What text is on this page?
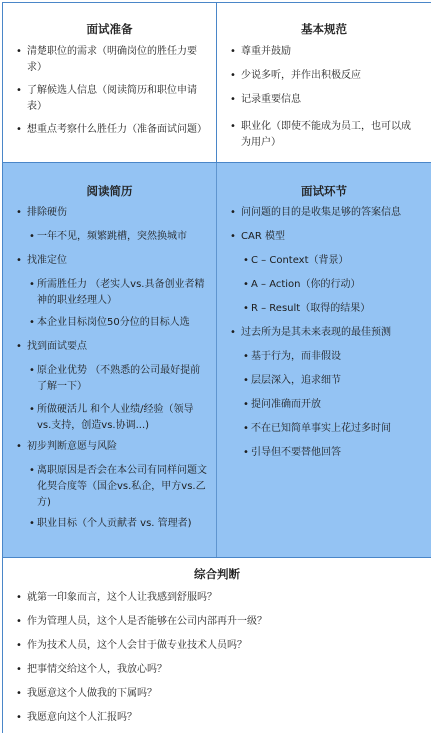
面试准备
• 清楚职位的需求（明确岗位的胜任力要求）
• 了解候选人信息（阅读简历和职位申请表）
• 想重点考察什么胜任力（准备面试问题）
基本规范
• 尊重并鼓励
• 少说多听，并作出积极反应
• 记录重要信息
• 职业化（即使不能成为员工，也可以成为用户）
阅读简历
• 排除硬伤
• 一年不见，频繁跳槽，突然换城市
• 找准定位
• 所需胜任力 （老实人vs.具备创业者精神的职业经理人）
• 本企业目标岗位50分位的目标人选
• 找到面试要点
• 原企业优势 （不熟悉的公司最好提前了解一下）
• 所做硬活儿 和个人业绩/经验（领导vs.支持，创造vs.协调...)
• 初步判断意愿与风险
• 离职原因是否会在本公司有同样问题文化契合度等（国企vs.私企，甲方vs.乙方)
• 职业目标（个人贡献者 vs. 管理者)
面试环节
• 问问题的目的是收集足够的答案信息
• CAR 模型
• C – Context（背景）
• A – Action（你的行动）
• R – Result（取得的结果）
• 过去所为是其未来表现的最佳预测
• 基于行为，而非假设
• 层层深入，追求细节
• 提问准确而开放
• 不在已知简单事实上花过多时间
• 引导但不要替他回答
综合判断
• 就第一印象而言，这个人让我感到舒服吗？
• 作为管理人员，这个人是否能够在公司内部再升一级？
• 作为技术人员，这个人会甘于做专业技术人员吗？
• 把事情交给这个人，我放心吗？
• 我愿意这个人做我的下属吗？
• 我愿意向这个人汇报吗？
